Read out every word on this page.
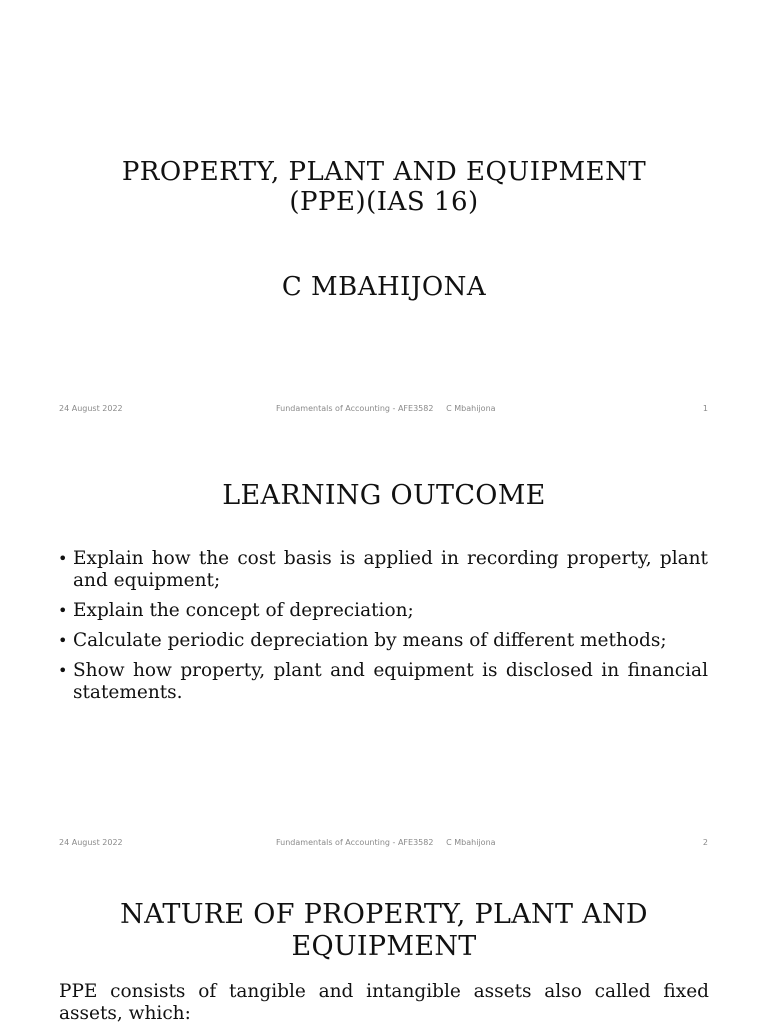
PROPERTY, PLANT AND EQUIPMENT
(PPE)(IAS 16)
C MBAHIJONA
24 August 2022	Fundamentals of Accounting - AFE3582     C Mbahijona	1
LEARNING OUTCOME
• Explain how the cost basis is applied in recording property, plant and equipment;
• Explain the concept of depreciation;
• Calculate periodic depreciation by means of different methods;
• Show how property, plant and equipment is disclosed in financial statements.
24 August 2022	Fundamentals of Accounting - AFE3582     C Mbahijona	2
NATURE OF PROPERTY, PLANT AND
EQUIPMENT
PPE consists of tangible and intangible assets also called fixed assets, which:
